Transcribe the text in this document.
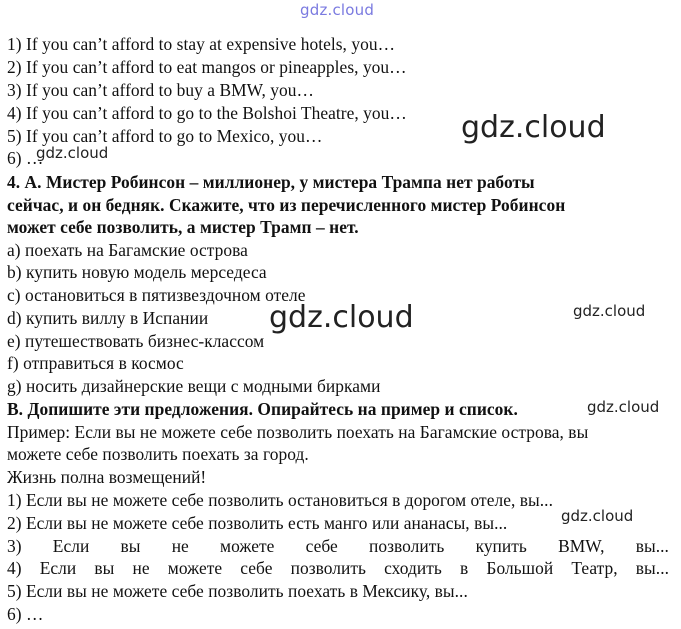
gdz.cloud
1) If you can’t afford to stay at expensive hotels, you…
2) If you can’t afford to eat mangos or pineapples, you…
3) If you can’t afford to buy a BMW, you…
4) If you can’t afford to go to the Bolshoi Theatre, you…
5) If you can’t afford to go to Mexico, you…
6) …
4. А. Мистер Робинсон – миллионер, у мистера Трампа нет работы
сейчас, и он бедняк. Скажите, что из перечисленного мистер Робинсон
может себе позволить, а мистер Трамп – нет.
a) поехать на Багамские острова
b) купить новую модель мерседеса
c) остановиться в пятизвездочном отеле
d) купить виллу в Испании
e) путешествовать бизнес-классом
f) отправиться в космос
g) носить дизайнерские вещи с модными бирками
B. Допишите эти предложения. Опирайтесь на пример и список.
Пример: Если вы не можете себе позволить поехать на Багамские острова, вы
можете себе позволить поехать за город.
Жизнь полна возмещений!
1) Если вы не можете себе позволить остановиться в дорогом отеле, вы...
2) Если вы не можете себе позволить есть манго или ананасы, вы...
3) Если вы не можете себе позволить купить BMW, вы...
4) Если вы не можете себе позволить сходить в Большой Театр, вы...
5) Если вы не можете себе позволить поехать в Мексику, вы...
6) …
gdz.cloud
gdz.cloud
gdz.cloud	gdz.cloud
gdz.cloud
gdz.cloud
